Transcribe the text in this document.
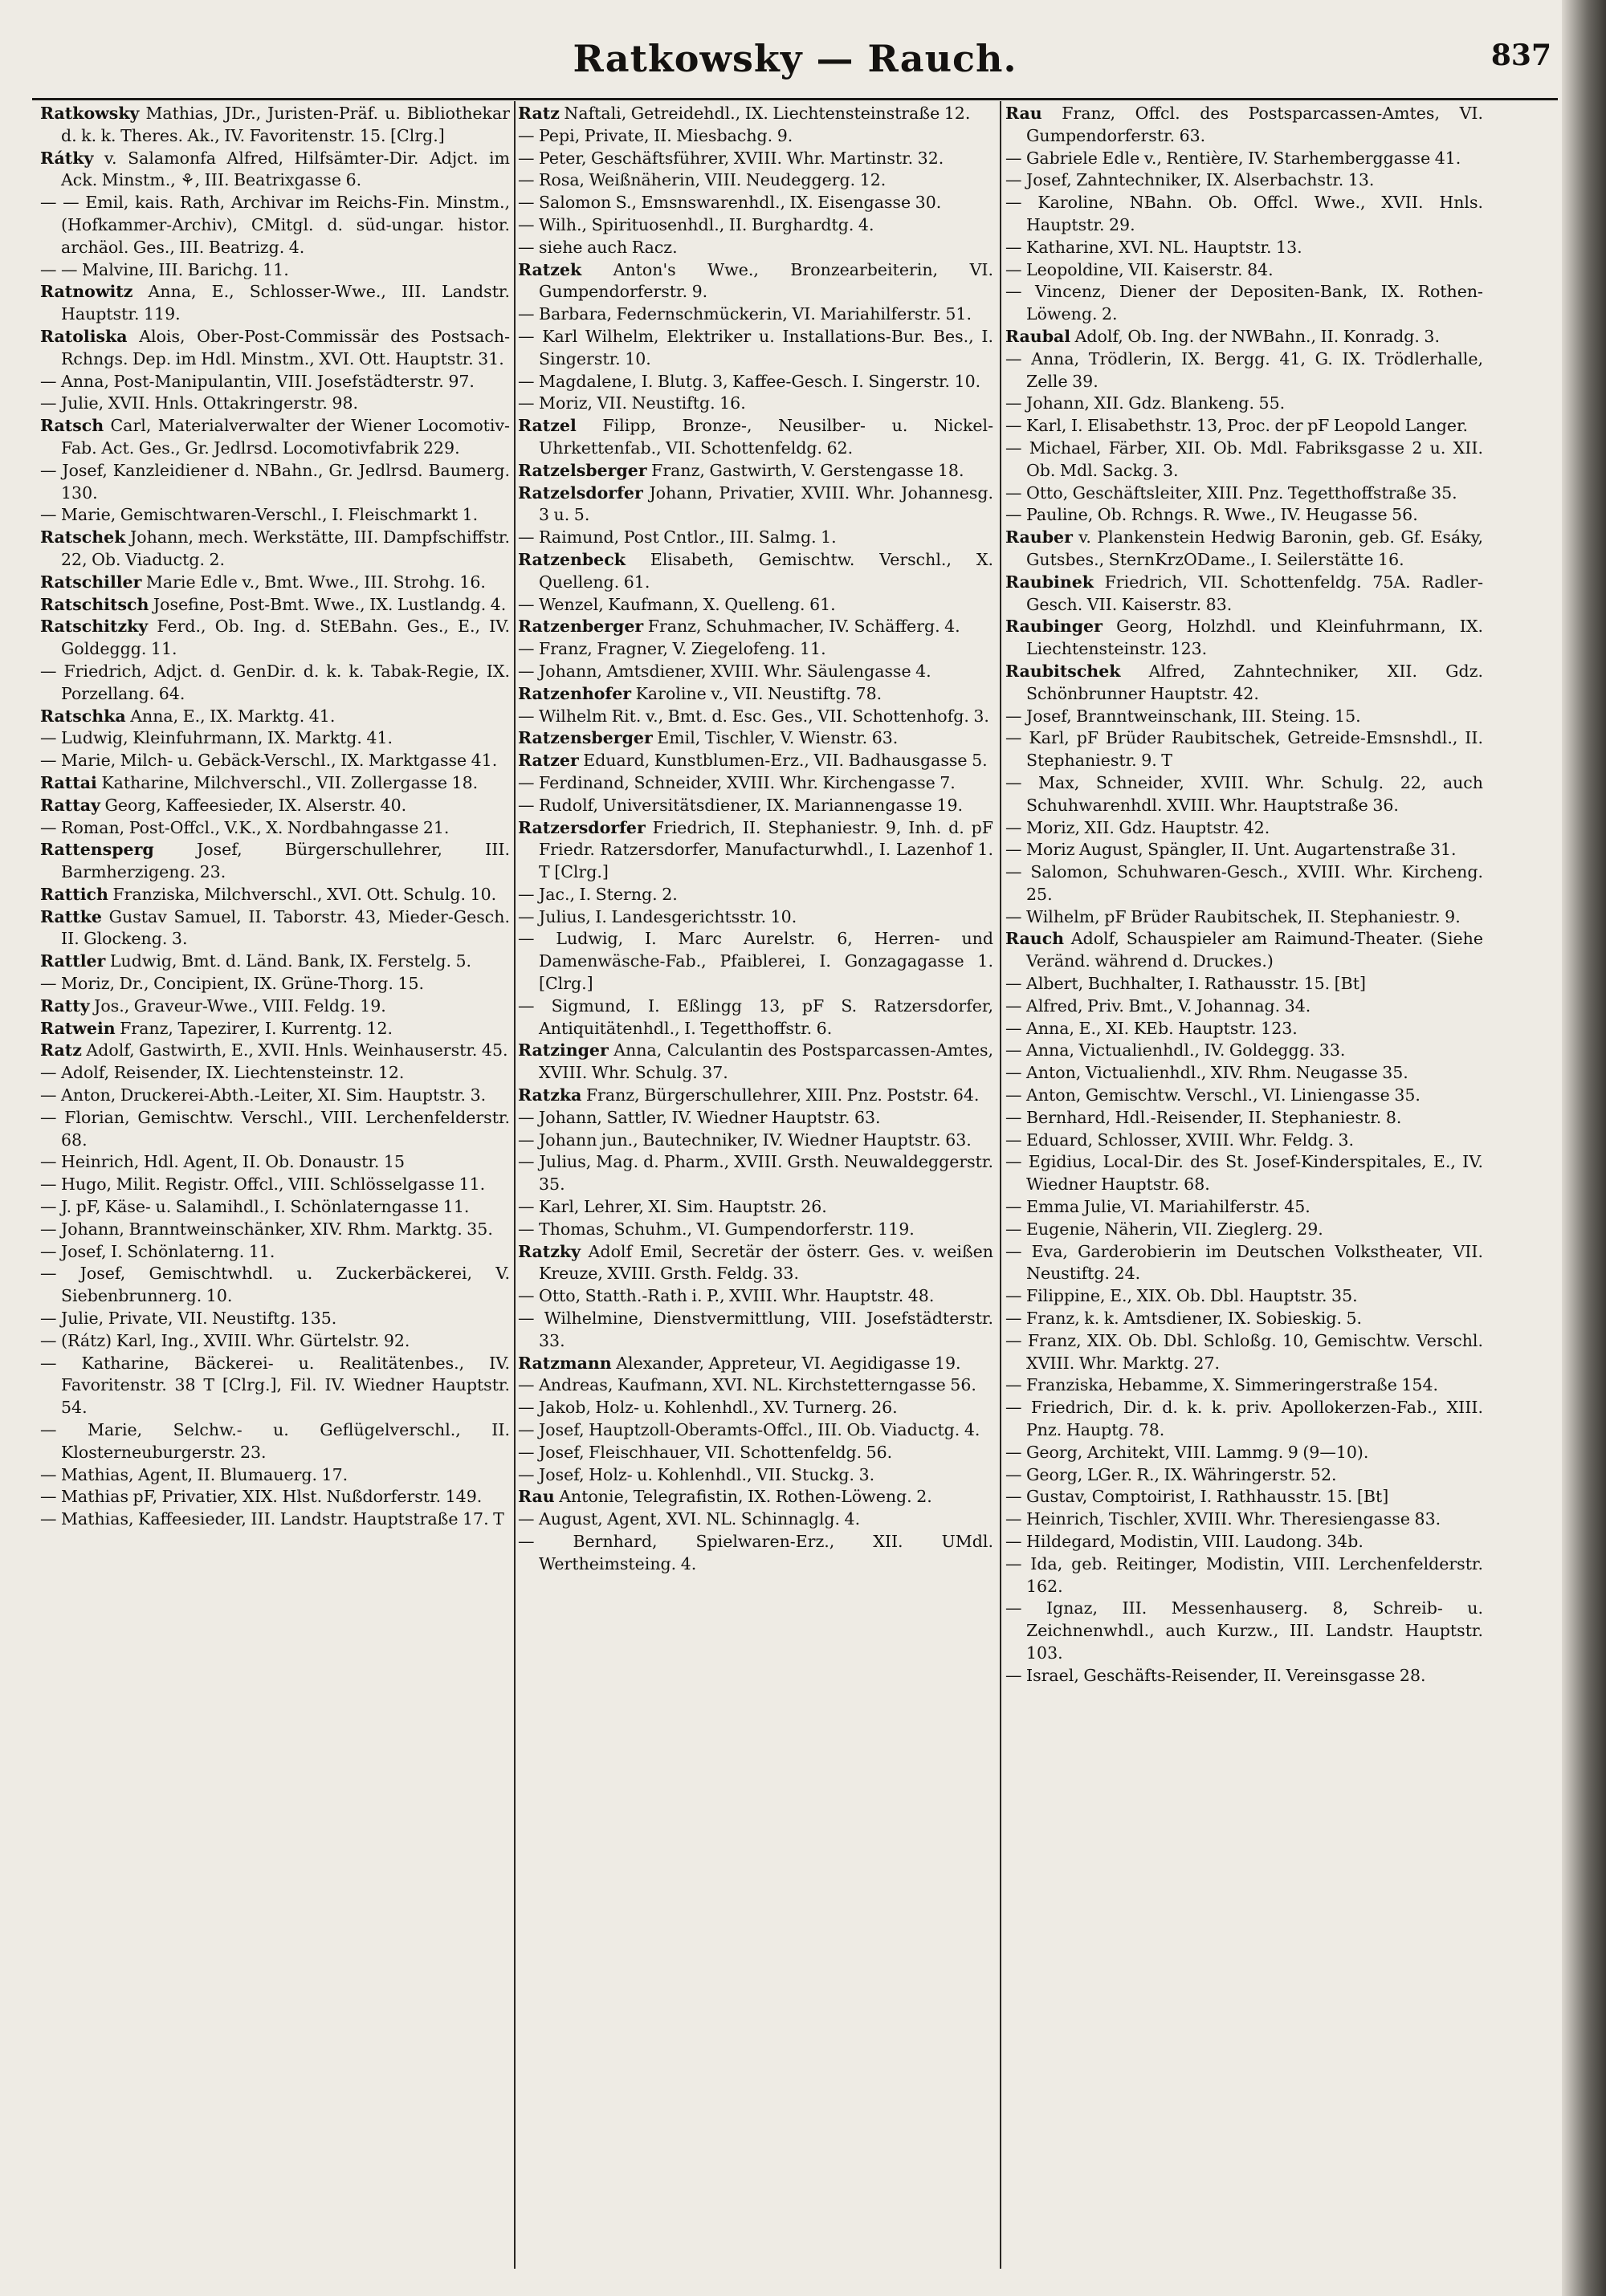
Ratkowsky — Rauch.	837

Ratkowsky Mathias, JDr., Juristen-Präf. u. Bibliothekar d. k. k. Theres. Ak., IV. Favoritenstr. 15. [Clrg.]

Rátky v. Salamonfa Alfred, Hilfsämter-Dir. Adjct. im Ack. Minstm., ⚘, III. Beatrixgasse 6.

— — Emil, kais. Rath, Archivar im Reichs-Fin. Minstm., (Hofkammer-Archiv), CMitgl. d. süd-ungar. histor. archäol. Ges., III. Beatrizg. 4.

— — Malvine, III. Barichg. 11.

Ratnowitz Anna, E., Schlosser-Wwe., III. Landstr. Hauptstr. 119.

Ratoliska Alois, Ober-Post-Commissär des Postsach-Rchngs. Dep. im Hdl. Minstm., XVI. Ott. Hauptstr. 31.

— Anna, Post-Manipulantin, VIII. Josefstädterstr. 97.

— Julie, XVII. Hnls. Ottakringerstr. 98.

Ratsch Carl, Materialverwalter der Wiener Locomotiv-Fab. Act. Ges., Gr. Jedlrsd. Locomotivfabrik 229.

— Josef, Kanzleidiener d. NBahn., Gr. Jedlrsd. Baumerg. 130.

— Marie, Gemischtwaren-Verschl., I. Fleischmarkt 1.

Ratschek Johann, mech. Werkstätte, III. Dampfschiffstr. 22, Ob. Viaductg. 2.

Ratschiller Marie Edle v., Bmt. Wwe., III. Strohg. 16.

Ratschitsch Josefine, Post-Bmt. Wwe., IX. Lustlandg. 4.

Ratschitzky Ferd., Ob. Ing. d. StEBahn. Ges., E., IV. Goldeggg. 11.

— Friedrich, Adjct. d. GenDir. d. k. k. Tabak-Regie, IX. Porzellang. 64.

Ratschka Anna, E., IX. Marktg. 41.

— Ludwig, Kleinfuhrmann, IX. Marktg. 41.

— Marie, Milch- u. Gebäck-Verschl., IX. Marktgasse 41.

Rattai Katharine, Milchverschl., VII. Zollergasse 18.

Rattay Georg, Kaffeesieder, IX. Alserstr. 40.

— Roman, Post-Offcl., V.K., X. Nordbahngasse 21.

Rattensperg Josef, Bürgerschullehrer, III. Barmherzigeng. 23.

Rattich Franziska, Milchverschl., XVI. Ott. Schulg. 10.

Rattke Gustav Samuel, II. Taborstr. 43, Mieder-Gesch. II. Glockeng. 3.

Rattler Ludwig, Bmt. d. Länd. Bank, IX. Ferstelg. 5.

— Moriz, Dr., Concipient, IX. Grüne-Thorg. 15.

Ratty Jos., Graveur-Wwe., VIII. Feldg. 19.

Ratwein Franz, Tapezirer, I. Kurrentg. 12.

Ratz Adolf, Gastwirth, E., XVII. Hnls. Weinhauserstr. 45.

— Adolf, Reisender, IX. Liechtensteinstr. 12.

— Anton, Druckerei-Abth.-Leiter, XI. Sim. Hauptstr. 3.

— Florian, Gemischtw. Verschl., VIII. Lerchenfelderstr. 68.

— Heinrich, Hdl. Agent, II. Ob. Donaustr. 15

— Hugo, Milit. Registr. Offcl., VIII. Schlösselgasse 11.

— J. pF, Käse- u. Salamihdl., I. Schönlaterngasse 11.

— Johann, Branntweinschänker, XIV. Rhm. Marktg. 35.

— Josef, I. Schönlaterng. 11.

— Josef, Gemischtwhdl. u. Zuckerbäckerei, V. Siebenbrunnerg. 10.

— Julie, Private, VII. Neustiftg. 135.

— (Rátz) Karl, Ing., XVIII. Whr. Gürtelstr. 92.

— Katharine, Bäckerei- u. Realitätenbes., IV. Favoritenstr. 38 T [Clrg.], Fil. IV. Wiedner Hauptstr. 54.

— Marie, Selchw.- u. Geflügelverschl., II. Klosterneuburgerstr. 23.

— Mathias, Agent, II. Blumauerg. 17.

— Mathias pF, Privatier, XIX. Hlst. Nußdorferstr. 149.

— Mathias, Kaffeesieder, III. Landstr. Hauptstraße 17. T

Ratz Naftali, Getreidehdl., IX. Liechtensteinstraße 12.

— Pepi, Private, II. Miesbachg. 9.

— Peter, Geschäftsführer, XVIII. Whr. Martinstr. 32.

— Rosa, Weißnäherin, VIII. Neudeggerg. 12.

— Salomon S., Emsnswarenhdl., IX. Eisengasse 30.

— Wilh., Spirituosenhdl., II. Burghardtg. 4.

— siehe auch Racz.

Ratzek Anton's Wwe., Bronzearbeiterin, VI. Gumpendorferstr. 9.

— Barbara, Federnschmückerin, VI. Mariahilferstr. 51.

— Karl Wilhelm, Elektriker u. Installations-Bur. Bes., I. Singerstr. 10.

— Magdalene, I. Blutg. 3, Kaffee-Gesch. I. Singerstr. 10.

— Moriz, VII. Neustiftg. 16.

Ratzel Filipp, Bronze-, Neusilber- u. Nickel-Uhrkettenfab., VII. Schottenfeldg. 62.

Ratzelsberger Franz, Gastwirth, V. Gerstengasse 18.

Ratzelsdorfer Johann, Privatier, XVIII. Whr. Johannesg. 3 u. 5.

— Raimund, Post Cntlor., III. Salmg. 1.

Ratzenbeck Elisabeth, Gemischtw. Verschl., X. Quelleng. 61.

— Wenzel, Kaufmann, X. Quelleng. 61.

Ratzenberger Franz, Schuhmacher, IV. Schäfferg. 4.

— Franz, Fragner, V. Ziegelofeng. 11.

— Johann, Amtsdiener, XVIII. Whr. Säulengasse 4.

Ratzenhofer Karoline v., VII. Neustiftg. 78.

— Wilhelm Rit. v., Bmt. d. Esc. Ges., VII. Schottenhofg. 3.

Ratzensberger Emil, Tischler, V. Wienstr. 63.

Ratzer Eduard, Kunstblumen-Erz., VII. Badhausgasse 5.

— Ferdinand, Schneider, XVIII. Whr. Kirchengasse 7.

— Rudolf, Universitätsdiener, IX. Mariannengasse 19.

Ratzersdorfer Friedrich, II. Stephaniestr. 9, Inh. d. pF Friedr. Ratzersdorfer, Manufacturwhdl., I. Lazenhof 1. T [Clrg.]

— Jac., I. Sterng. 2.

— Julius, I. Landesgerichtsstr. 10.

— Ludwig, I. Marc Aurelstr. 6, Herren- und Damenwäsche-Fab., Pfaiblerei, I. Gonzagagasse 1. [Clrg.]

— Sigmund, I. Eßlingg 13, pF S. Ratzersdorfer, Antiquitätenhdl., I. Tegetthoffstr. 6.

Ratzinger Anna, Calculantin des Postsparcassen-Amtes, XVIII. Whr. Schulg. 37.

Ratzka Franz, Bürgerschullehrer, XIII. Pnz. Poststr. 64.

— Johann, Sattler, IV. Wiedner Hauptstr. 63.

— Johann jun., Bautechniker, IV. Wiedner Hauptstr. 63.

— Julius, Mag. d. Pharm., XVIII. Grsth. Neuwaldeggerstr. 35.

— Karl, Lehrer, XI. Sim. Hauptstr. 26.

— Thomas, Schuhm., VI. Gumpendorferstr. 119.

Ratzky Adolf Emil, Secretär der österr. Ges. v. weißen Kreuze, XVIII. Grsth. Feldg. 33.

— Otto, Statth.-Rath i. P., XVIII. Whr. Hauptstr. 48.

— Wilhelmine, Dienstvermittlung, VIII. Josefstädterstr. 33.

Ratzmann Alexander, Appreteur, VI. Aegidigasse 19.

— Andreas, Kaufmann, XVI. NL. Kirchstetterngasse 56.

— Jakob, Holz- u. Kohlenhdl., XV. Turnerg. 26.

— Josef, Hauptzoll-Oberamts-Offcl., III. Ob. Viaductg. 4.

— Josef, Fleischhauer, VII. Schottenfeldg. 56.

— Josef, Holz- u. Kohlenhdl., VII. Stuckg. 3.

Rau Antonie, Telegrafistin, IX. Rothen-Löweng. 2.

— August, Agent, XVI. NL. Schinnaglg. 4.

— Bernhard, Spielwaren-Erz., XII. UMdl. Wertheimsteing. 4.

Rau Franz, Offcl. des Postsparcassen-Amtes, VI. Gumpendorferstr. 63.

— Gabriele Edle v., Rentière, IV. Starhemberggasse 41.

— Josef, Zahntechniker, IX. Alserbachstr. 13.

— Karoline, NBahn. Ob. Offcl. Wwe., XVII. Hnls. Hauptstr. 29.

— Katharine, XVI. NL. Hauptstr. 13.

— Leopoldine, VII. Kaiserstr. 84.

— Vincenz, Diener der Depositen-Bank, IX. Rothen-Löweng. 2.

Raubal Adolf, Ob. Ing. der NWBahn., II. Konradg. 3.

— Anna, Trödlerin, IX. Bergg. 41, G. IX. Trödlerhalle, Zelle 39.

— Johann, XII. Gdz. Blankeng. 55.

— Karl, I. Elisabethstr. 13, Proc. der pF Leopold Langer.

— Michael, Färber, XII. Ob. Mdl. Fabriksgasse 2 u. XII. Ob. Mdl. Sackg. 3.

— Otto, Geschäftsleiter, XIII. Pnz. Tegetthoffstraße 35.

— Pauline, Ob. Rchngs. R. Wwe., IV. Heugasse 56.

Rauber v. Plankenstein Hedwig Baronin, geb. Gf. Esáky, Gutsbes., SternKrzODame., I. Seilerstätte 16.

Raubinek Friedrich, VII. Schottenfeldg. 75A. Radler-Gesch. VII. Kaiserstr. 83.

Raubinger Georg, Holzhdl. und Kleinfuhrmann, IX. Liechtensteinstr. 123.

Raubitschek Alfred, Zahntechniker, XII. Gdz. Schönbrunner Hauptstr. 42.

— Josef, Branntweinschank, III. Steing. 15.

— Karl, pF Brüder Raubitschek, Getreide-Emsnshdl., II. Stephaniestr. 9. T

— Max, Schneider, XVIII. Whr. Schulg. 22, auch Schuhwarenhdl. XVIII. Whr. Hauptstraße 36.

— Moriz, XII. Gdz. Hauptstr. 42.

— Moriz August, Spängler, II. Unt. Augartenstraße 31.

— Salomon, Schuhwaren-Gesch., XVIII. Whr. Kircheng. 25.

— Wilhelm, pF Brüder Raubitschek, II. Stephaniestr. 9.

Rauch Adolf, Schauspieler am Raimund-Theater. (Siehe Veränd. während d. Druckes.)

— Albert, Buchhalter, I. Rathausstr. 15. [Bt]

— Alfred, Priv. Bmt., V. Johannag. 34.

— Anna, E., XI. KEb. Hauptstr. 123.

— Anna, Victualienhdl., IV. Goldeggg. 33.

— Anton, Victualienhdl., XIV. Rhm. Neugasse 35.

— Anton, Gemischtw. Verschl., VI. Liniengasse 35.

— Bernhard, Hdl.-Reisender, II. Stephaniestr. 8.

— Eduard, Schlosser, XVIII. Whr. Feldg. 3.

— Egidius, Local-Dir. des St. Josef-Kinderspitales, E., IV. Wiedner Hauptstr. 68.

— Emma Julie, VI. Mariahilferstr. 45.

— Eugenie, Näherin, VII. Zieglerg. 29.

— Eva, Garderobierin im Deutschen Volkstheater, VII. Neustiftg. 24.

— Filippine, E., XIX. Ob. Dbl. Hauptstr. 35.

— Franz, k. k. Amtsdiener, IX. Sobieskig. 5.

— Franz, XIX. Ob. Dbl. Schloßg. 10, Gemischtw. Verschl. XVIII. Whr. Marktg. 27.

— Franziska, Hebamme, X. Simmeringerstraße 154.

— Friedrich, Dir. d. k. k. priv. Apollokerzen-Fab., XIII. Pnz. Hauptg. 78.

— Georg, Architekt, VIII. Lammg. 9 (9—10).

— Georg, LGer. R., IX. Währingerstr. 52.

— Gustav, Comptoirist, I. Rathhausstr. 15. [Bt]

— Heinrich, Tischler, XVIII. Whr. Theresiengasse 83.

— Hildegard, Modistin, VIII. Laudong. 34b.

— Ida, geb. Reitinger, Modistin, VIII. Lerchenfelderstr. 162.

— Ignaz, III. Messenhauserg. 8, Schreib- u. Zeichnenwhdl., auch Kurzw., III. Landstr. Hauptstr. 103.

— Israel, Geschäfts-Reisender, II. Vereinsgasse 28.
